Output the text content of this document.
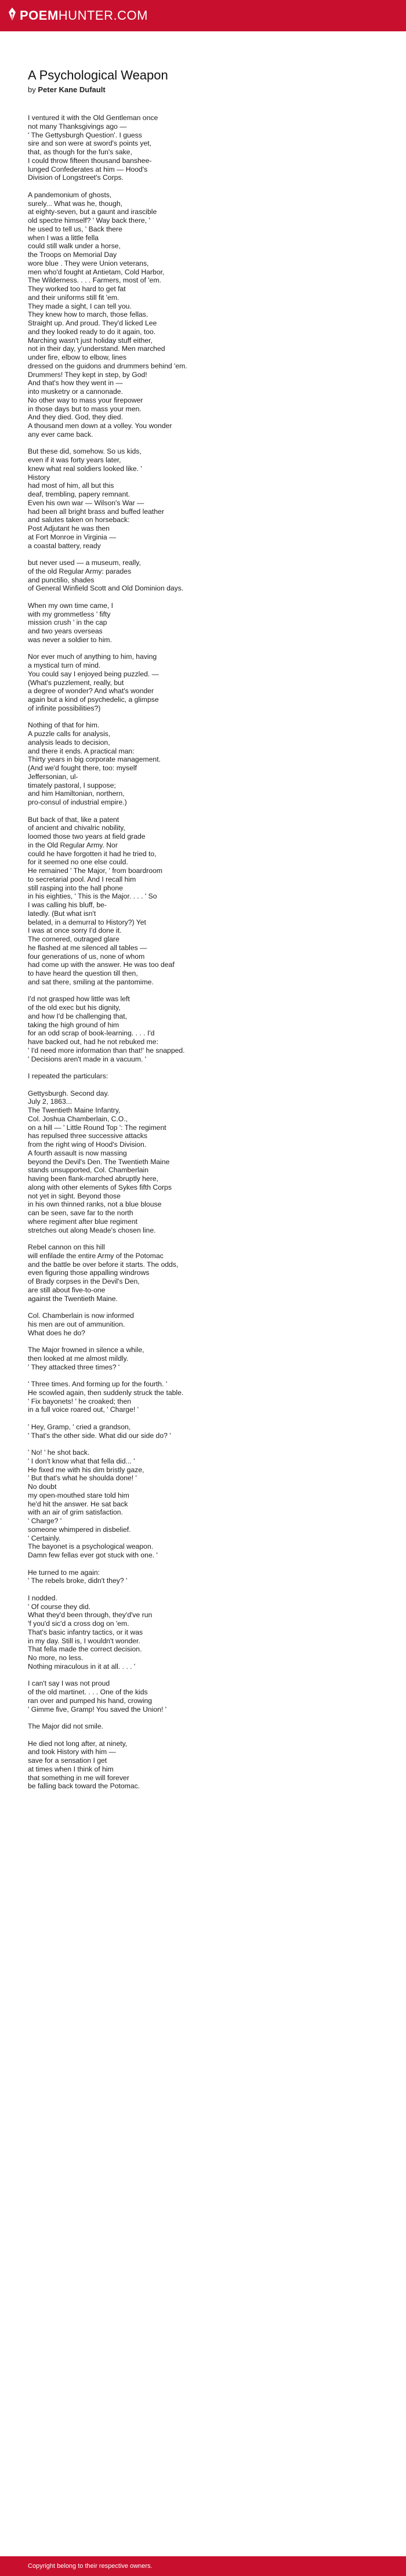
POEM HUNTER.COM
A Psychological Weapon
by Peter Kane Dufault
I ventured it with the Old Gentleman once
not many Thanksgivings ago —
' The Gettysburgh Question'. I guess
sire and son were at sword's points yet,
that, as though for the fun's sake,
I could throw fifteen thousand banshee-
lunged Confederates at him — Hood's
Division of Longstreet's Corps.
A pandemonium of ghosts,
surely... What was he, though,
at eighty-seven, but a gaunt and irascible
old spectre himself? ' Way back there, '
he used to tell us, ' Back there
when I was a little fella
could still walk under a horse,
the Troops on Memorial Day
wore blue . They were Union veterans,
men who'd fought at Antietam, Cold Harbor,
The Wilderness. . . . Farmers, most of 'em.
They worked too hard to get fat
and their uniforms still fit 'em.
They made a sight, I can tell you.
They knew how to march, those fellas.
Straight up. And proud. They'd licked Lee
and they looked ready to do it again, too.
Marching wasn't just holiday stuff either,
not in their day, y'understand. Men marched
under fire, elbow to elbow, lines
dressed on the guidons and drummers behind 'em.
Drummers! They kept in step, by God!
And that's how they went in —
into musketry or a cannonade.
No other way to mass your firepower
in those days but to mass your men.
And they died. God, they died.
A thousand men down at a volley. You wonder
any ever came back.
But these did, somehow. So us kids,
even if it was forty years later,
knew what real soldiers looked like. '
History
had most of him, all but this
deaf, trembling, papery remnant.
Even his own war — Wilson's War —
had been all bright brass and buffed leather
and salutes taken on horseback:
Post Adjutant he was then
at Fort Monroe in Virginia —
a coastal battery, ready
but never used — a museum, really,
of the old Regular Army: parades
and punctilio, shades
of General Winfield Scott and Old Dominion days.
When my own time came, I
with my grommetless ' fifty
mission crush ' in the cap
and two years overseas
was never a soldier to him.
Nor ever much of anything to him, having
a mystical turn of mind.
You could say I enjoyed being puzzled. —
(What's puzzlement, really, but
a degree of wonder? And what's wonder
again but a kind of psychedelic, a glimpse
of infinite possibilities?)
Nothing of that for him.
A puzzle calls for analysis,
analysis leads to decision,
and there it ends. A practical man:
Thirty years in big corporate management.
(And we'd fought there, too: myself
Jeffersonian, ul-
timately pastoral, I suppose;
and him Hamiltonian, northern,
pro-consul of industrial empire.)
But back of that, like a patent
of ancient and chivalric nobility,
loomed those two years at field grade
in the Old Regular Army. Nor
could he have forgotten it had he tried to,
for it seemed no one else could.
He remained ' The Major, ' from boardroom
to secretarial pool. And I recall him
still rasping into the hall phone
in his eighties, ' This is the Major. . . . ' So
I was calling his bluff, be-
latedly. (But what isn't
belated, in a demurral to History?) Yet
I was at once sorry I'd done it.
The cornered, outraged glare
he flashed at me silenced all tables —
four generations of us, none of whom
had come up with the answer. He was too deaf
to have heard the question till then,
and sat there, smiling at the pantomime.
I'd not grasped how little was left
of the old exec but his dignity,
and how I'd be challenging that,
taking the high ground of him
for an odd scrap of book-learning. . . . I'd
have backed out, had he not rebuked me:
' I'd need more information than that!' he snapped.
' Decisions aren't made in a vacuum. '
I repeated the particulars:
Gettysburgh. Second day.
July 2, 1863...
The Twentieth Maine Infantry,
Col. Joshua Chamberlain, C.O.,
on a hill — ' Little Round Top ': The regiment
has repulsed three successive attacks
from the right wing of Hood's Division.
A fourth assault is now massing
beyond the Devil's Den. The Twentieth Maine
stands unsupported, Col. Chamberlain
having been flank-marched abruptly here,
along with other elements of Sykes fifth Corps
not yet in sight. Beyond those
in his own thinned ranks, not a blue blouse
can be seen, save far to the north
where regiment after blue regiment
stretches out along Meade's chosen line.
Rebel cannon on this hill
will enfilade the entire Army of the Potomac
and the battle be over before it starts. The odds,
even figuring those appalling windrows
of Brady corpses in the Devil's Den,
are still about five-to-one
against the Twentieth Maine.
Col. Chamberlain is now informed
his men are out of ammunition.
What does he do?
The Major frowned in silence a while,
then looked at me almost mildly.
' They attacked three times? '
' Three times. And forming up for the fourth. '
He scowled again, then suddenly struck the table.
' Fix bayonets! ' he croaked; then
in a full voice roared out, ' Charge! '
' Hey, Gramp, ' cried a grandson,
' That's the other side. What did our side do? '
' No! ' he shot back.
' I don't know what that fella did... '
He fixed me with his dim bristly gaze,
' But that's what he shoulda done! '
No doubt
my open-mouthed stare told him
he'd hit the answer. He sat back
with an air of grim satisfaction.
' Charge? '
someone whimpered in disbelief.
' Certainly.
The bayonet is a psychological weapon.
Damn few fellas ever got stuck with one. '
He turned to me again:
' The rebels broke, didn't they? '
I nodded.
' Of course they did.
What they'd been through, they'd've run
'f you'd sic'd a cross dog on 'em.
That's basic infantry tactics, or it was
in my day. Still is, I wouldn't wonder.
That fella made the correct decision.
No more, no less.
Nothing miraculous in it at all. . . . '
I can't say I was not proud
of the old martinet. . . . One of the kids
ran over and pumped his hand, crowing
' Gimme five, Gramp! You saved the Union! '
The Major did not smile.
He died not long after, at ninety,
and took History with him —
save for a sensation I get
at times when I think of him
that something in me will forever
be falling back toward the Potomac.
Copyright belong to their respective owners.
